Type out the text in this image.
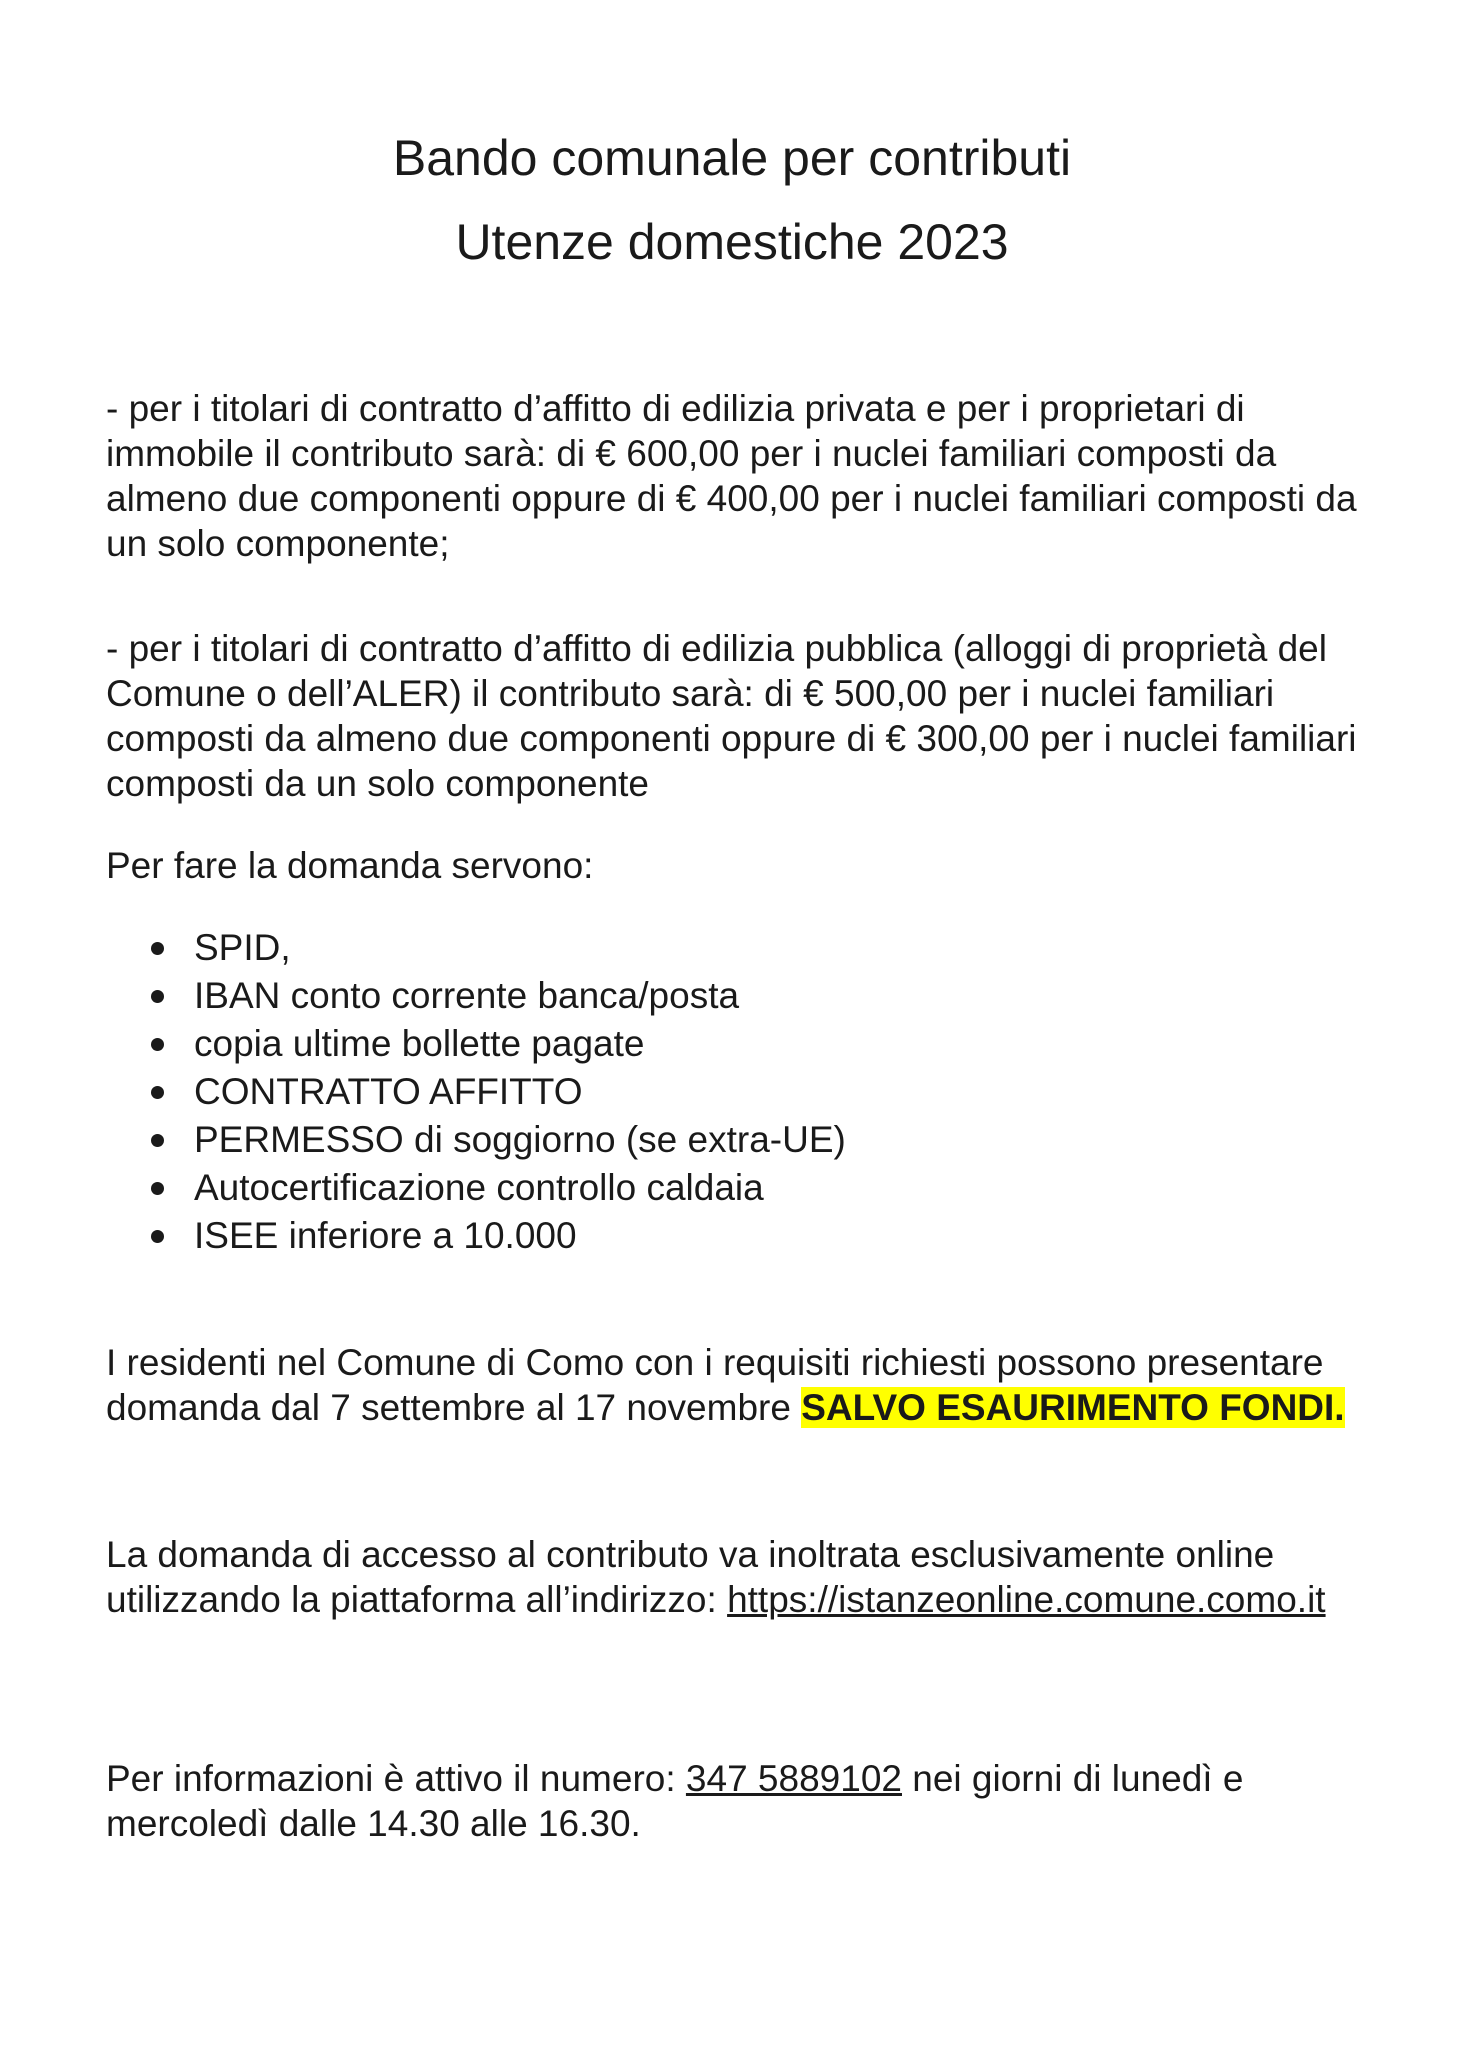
Bando comunale per contributi
Utenze domestiche 2023

- per i titolari di contratto d’affitto di edilizia privata e per i proprietari di immobile il contributo sarà: di € 600,00 per i nuclei familiari composti da almeno due componenti oppure di € 400,00 per i nuclei familiari composti da un solo componente;

- per i titolari di contratto d’affitto di edilizia pubblica (alloggi di proprietà del Comune o dell’ALER) il contributo sarà: di € 500,00 per i nuclei familiari composti da almeno due componenti oppure di € 300,00 per i nuclei familiari composti da un solo componente

Per fare la domanda servono:

SPID,
IBAN conto corrente banca/posta
copia ultime bollette pagate
CONTRATTO AFFITTO
PERMESSO di soggiorno (se extra-UE)
Autocertificazione controllo caldaia
ISEE inferiore a 10.000

I residenti nel Comune di Como con i requisiti richiesti possono presentare domanda dal 7 settembre al 17 novembre SALVO ESAURIMENTO FONDI.

La domanda di accesso al contributo va inoltrata esclusivamente online utilizzando la piattaforma all’indirizzo: https://istanzeonline.comune.como.it

Per informazioni è attivo il numero: 347 5889102 nei giorni di lunedì e mercoledì dalle 14.30 alle 16.30.
